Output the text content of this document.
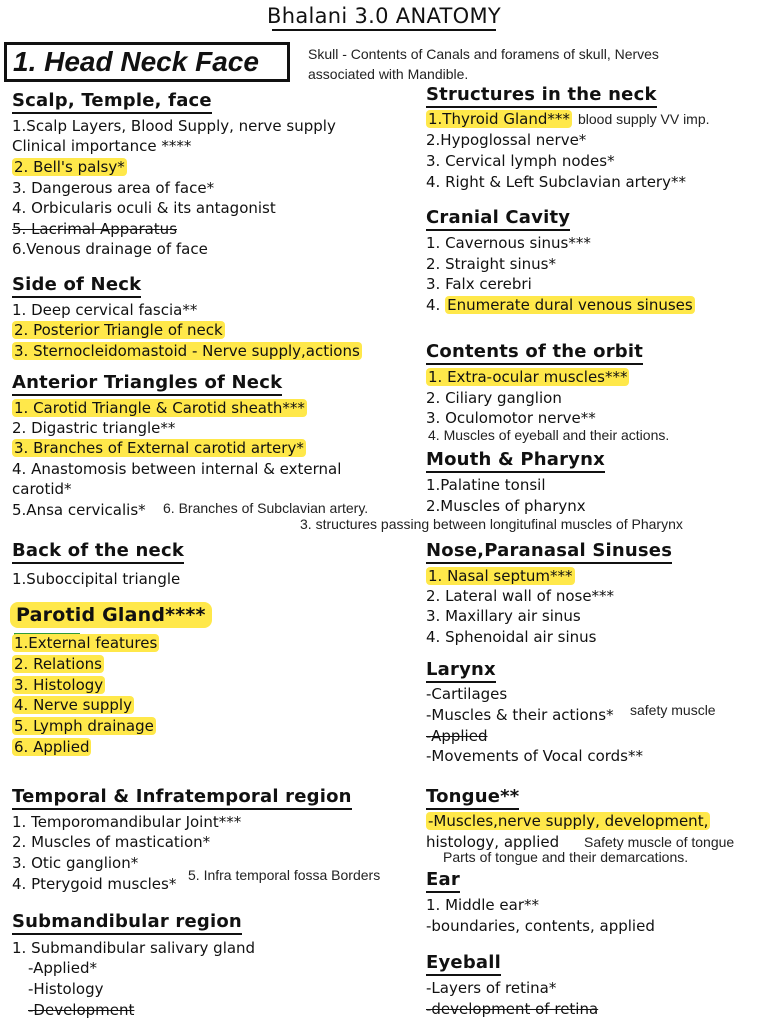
Bhalani 3.0 ANATOMY
1. Head Neck Face	Skull - Contents of Canals and foramens of skull, Nerves
associated with Mandible.
Scalp, Temple, face
1.Scalp Layers, Blood Supply, nerve supply
Clinical importance ****
2. Bell's palsy*
3. Dangerous area of face*
4. Orbicularis oculi & its antagonist
5. Lacrimal Apparatus
6.Venous drainage of face
Side of Neck
1. Deep cervical fascia**
2. Posterior Triangle of neck
3. Sternocleidomastoid - Nerve supply,actions
Anterior Triangles of Neck
1. Carotid Triangle & Carotid sheath***
2. Digastric triangle**
3. Branches of External carotid artery*
4. Anastomosis between internal & external
carotid*
5.Ansa cervicalis* 6. Branches of Subclavian artery.
Back of the neck
1.Suboccipital triangle
Parotid Gland****
1.External features
2. Relations
3. Histology
4. Nerve supply
5. Lymph drainage
6. Applied
Temporal & Infratemporal region
1. Temporomandibular Joint***
2. Muscles of mastication*
3. Otic ganglion*
4. Pterygoid muscles* 5. Infra temporal fossa Borders
Submandibular region
1. Submandibular salivary gland
-Applied*
-Histology
-Development
Structures in the neck
1.Thyroid Gland*** blood supply VV imp.
2.Hypoglossal nerve*
3. Cervical lymph nodes*
4. Right & Left Subclavian artery**
Cranial Cavity
1. Cavernous sinus***
2. Straight sinus*
3. Falx cerebri
4. Enumerate dural venous sinuses
Contents of the orbit
1. Extra-ocular muscles***
2. Ciliary ganglion
3. Oculomotor nerve**
4. Muscles of eyeball and their actions.
Mouth & Pharynx
1.Palatine tonsil
2.Muscles of pharynx
3. structures passing between longitufinal muscles of Pharynx
Nose,Paranasal Sinuses
1. Nasal septum***
2. Lateral wall of nose***
3. Maxillary air sinus
4. Sphenoidal air sinus
Larynx
-Cartilages
-Muscles & their actions* safety muscle
-Applied
-Movements of Vocal cords**
Tongue**
-Muscles,nerve supply, development,
histology, applied Safety muscle of tongue
Parts of tongue and their demarcations.
Ear
1. Middle ear**
-boundaries, contents, applied
Eyeball
-Layers of retina*
-development of retina
